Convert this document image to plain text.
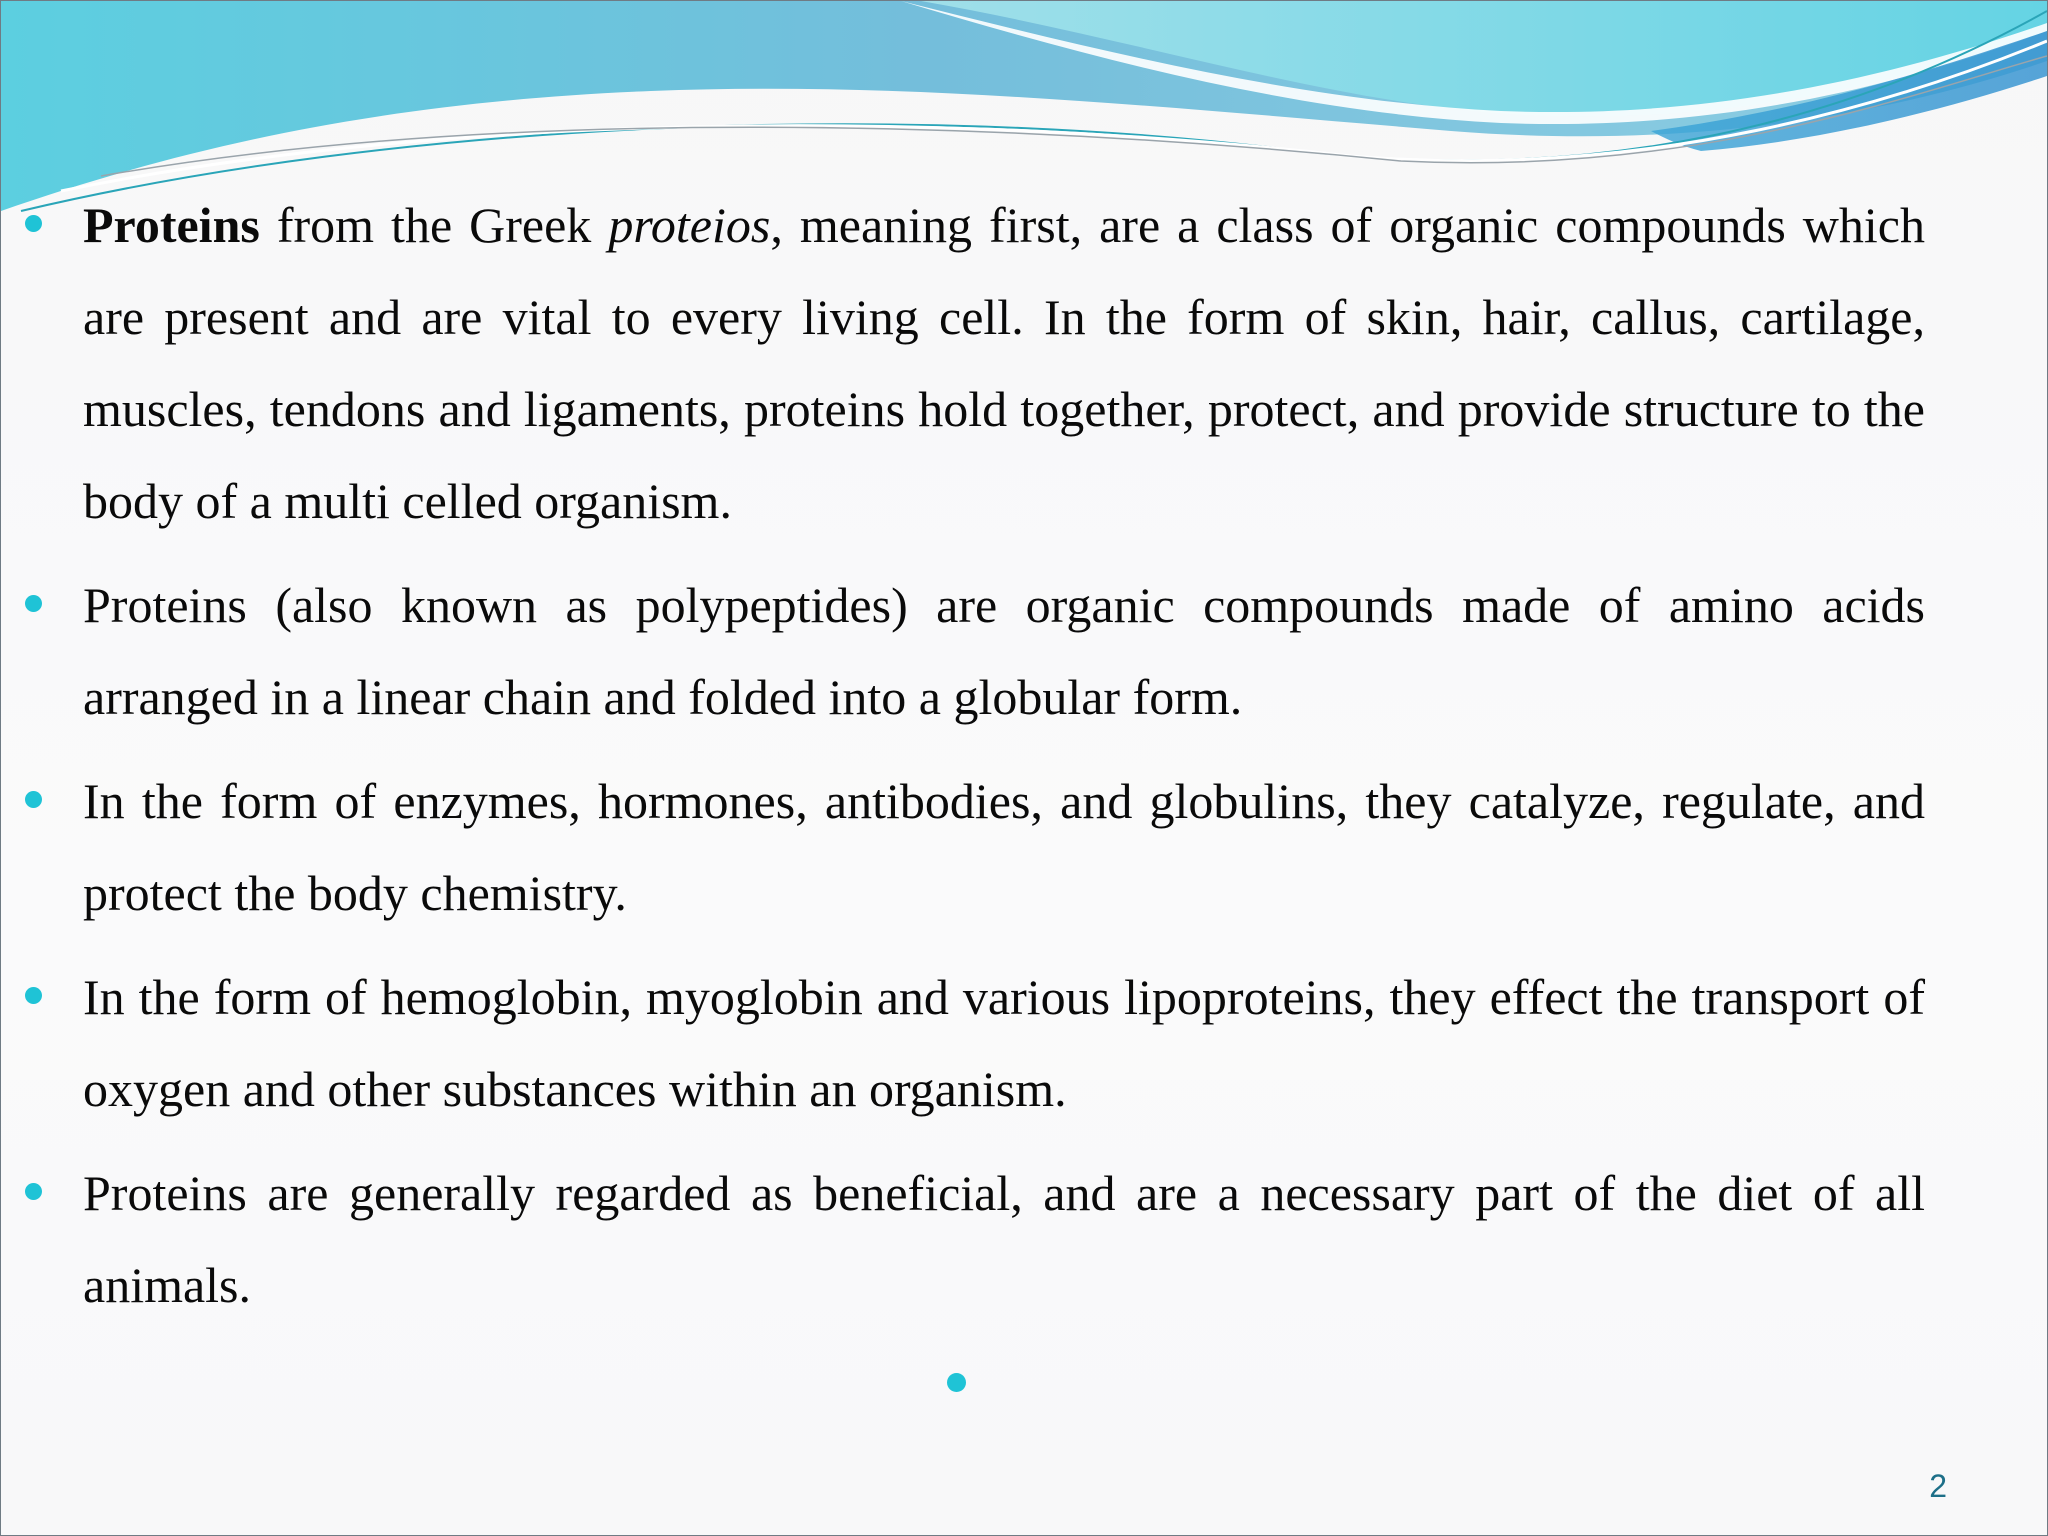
Proteins from the Greek proteios, meaning first, are a class of organic compounds which are present and are vital to every living cell. In the form of skin, hair, callus, cartilage, muscles, tendons and ligaments, proteins hold together, protect, and provide structure to the body of a multi celled organism.
Proteins (also known as polypeptides) are organic compounds made of amino acids arranged in a linear chain and folded into a globular form.
In the form of enzymes, hormones, antibodies, and globulins, they catalyze, regulate, and protect the body chemistry.
In the form of hemoglobin, myoglobin and various lipoproteins, they effect the transport of oxygen and other substances within an organism.
Proteins are generally regarded as beneficial, and are a necessary part of the diet of all animals.
2
